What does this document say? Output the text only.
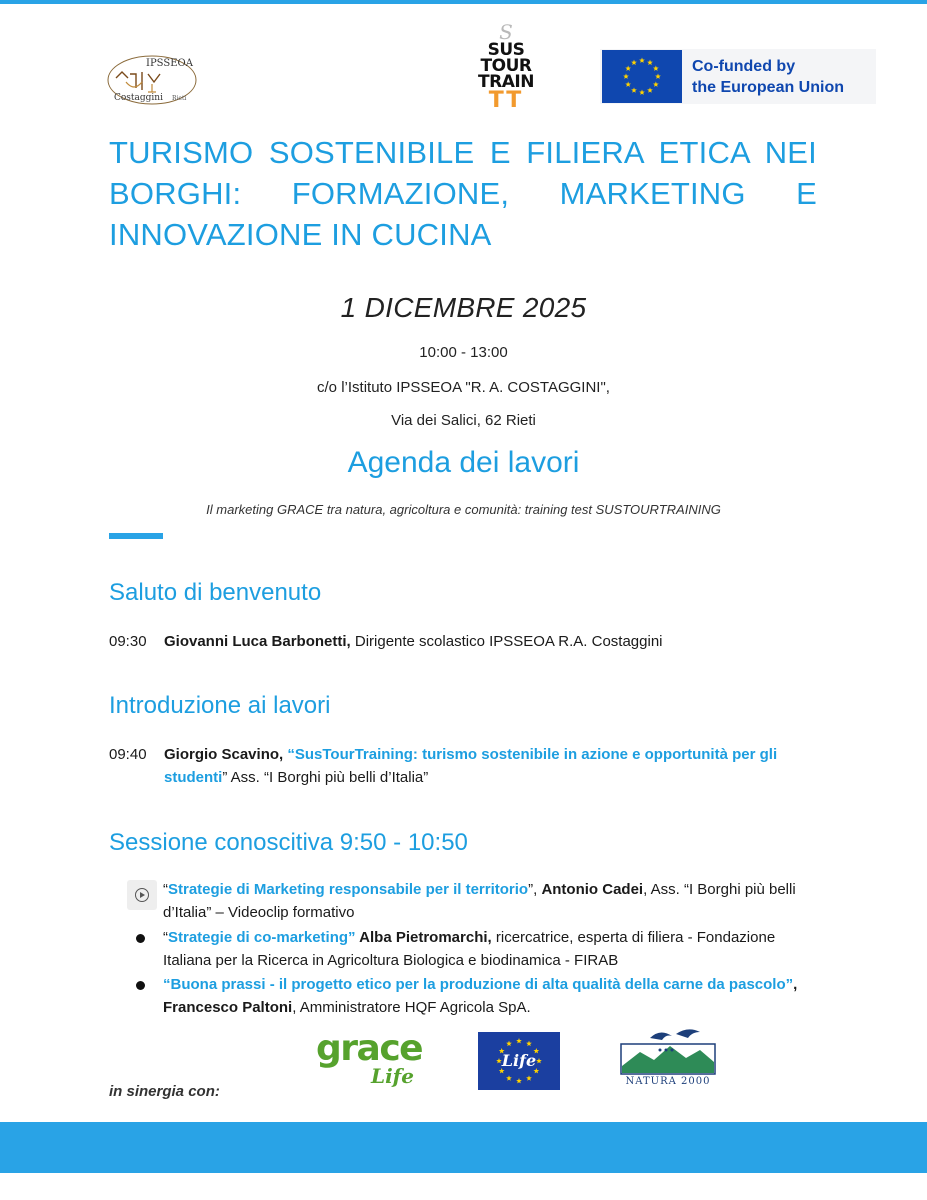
IPSSEOA
Costaggini Rieti
S
SUS
TOUR
TRAIN
TT
Co-funded by
the European Union
TURISMO SOSTENIBILE E FILIERA ETICA NEI BORGHI: FORMAZIONE, MARKETING E INNOVAZIONE IN CUCINA
1 DICEMBRE 2025
10:00 - 13:00
c/o l’Istituto IPSSEOA "R. A. COSTAGGINI",
Via dei Salici, 62 Rieti
Agenda dei lavori
Il marketing GRACE tra natura, agricoltura e comunità: training test SUSTOURTRAINING
Saluto di benvenuto
09:30	Giovanni Luca Barbonetti, Dirigente scolastico IPSSEOA R.A. Costaggini
Introduzione ai lavori
09:40	Giorgio Scavino, “SusTourTraining: turismo sostenibile in azione e opportunità per gli studenti” Ass. “I Borghi più belli d’Italia”
Sessione conoscitiva 9:50 - 10:50
“Strategie di Marketing responsabile per il territorio”, Antonio Cadei, Ass. “I Borghi più belli d’Italia” – Videoclip formativo
“Strategie di co-marketing” Alba Pietromarchi, ricercatrice, esperta di filiera - Fondazione Italiana per la Ricerca in Agricoltura Biologica e biodinamica - FIRAB
“Buona prassi - il progetto etico per la produzione di alta qualità della carne da pascolo”, Francesco Paltoni, Amministratore HQF Agricola SpA.
in sinergia con:
grace
Life
Life
NATURA 2000
